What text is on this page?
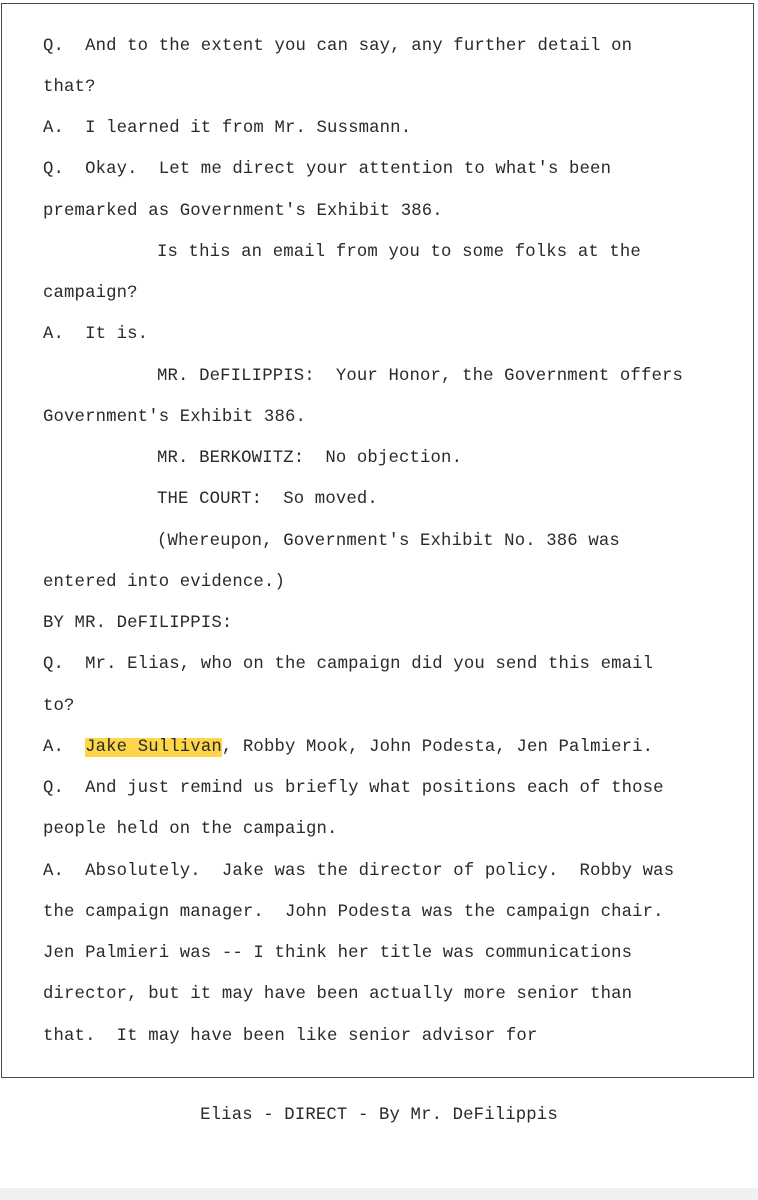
Q.  And to the extent you can say, any further detail on
that?
A.  I learned it from Mr. Sussmann.
Q.  Okay.  Let me direct your attention to what's been
premarked as Government's Exhibit 386.
Is this an email from you to some folks at the
campaign?
A.  It is.
MR. DeFILIPPIS:  Your Honor, the Government offers
Government's Exhibit 386.
MR. BERKOWITZ:  No objection.
THE COURT:  So moved.
(Whereupon, Government's Exhibit No. 386 was
entered into evidence.)
BY MR. DeFILIPPIS:
Q.  Mr. Elias, who on the campaign did you send this email
to?
A.  Jake Sullivan, Robby Mook, John Podesta, Jen Palmieri.
Q.  And just remind us briefly what positions each of those
people held on the campaign.
A.  Absolutely.  Jake was the director of policy.  Robby was
the campaign manager.  John Podesta was the campaign chair.
Jen Palmieri was -- I think her title was communications
director, but it may have been actually more senior than
that.  It may have been like senior advisor for
Elias - DIRECT - By Mr. DeFilippis
